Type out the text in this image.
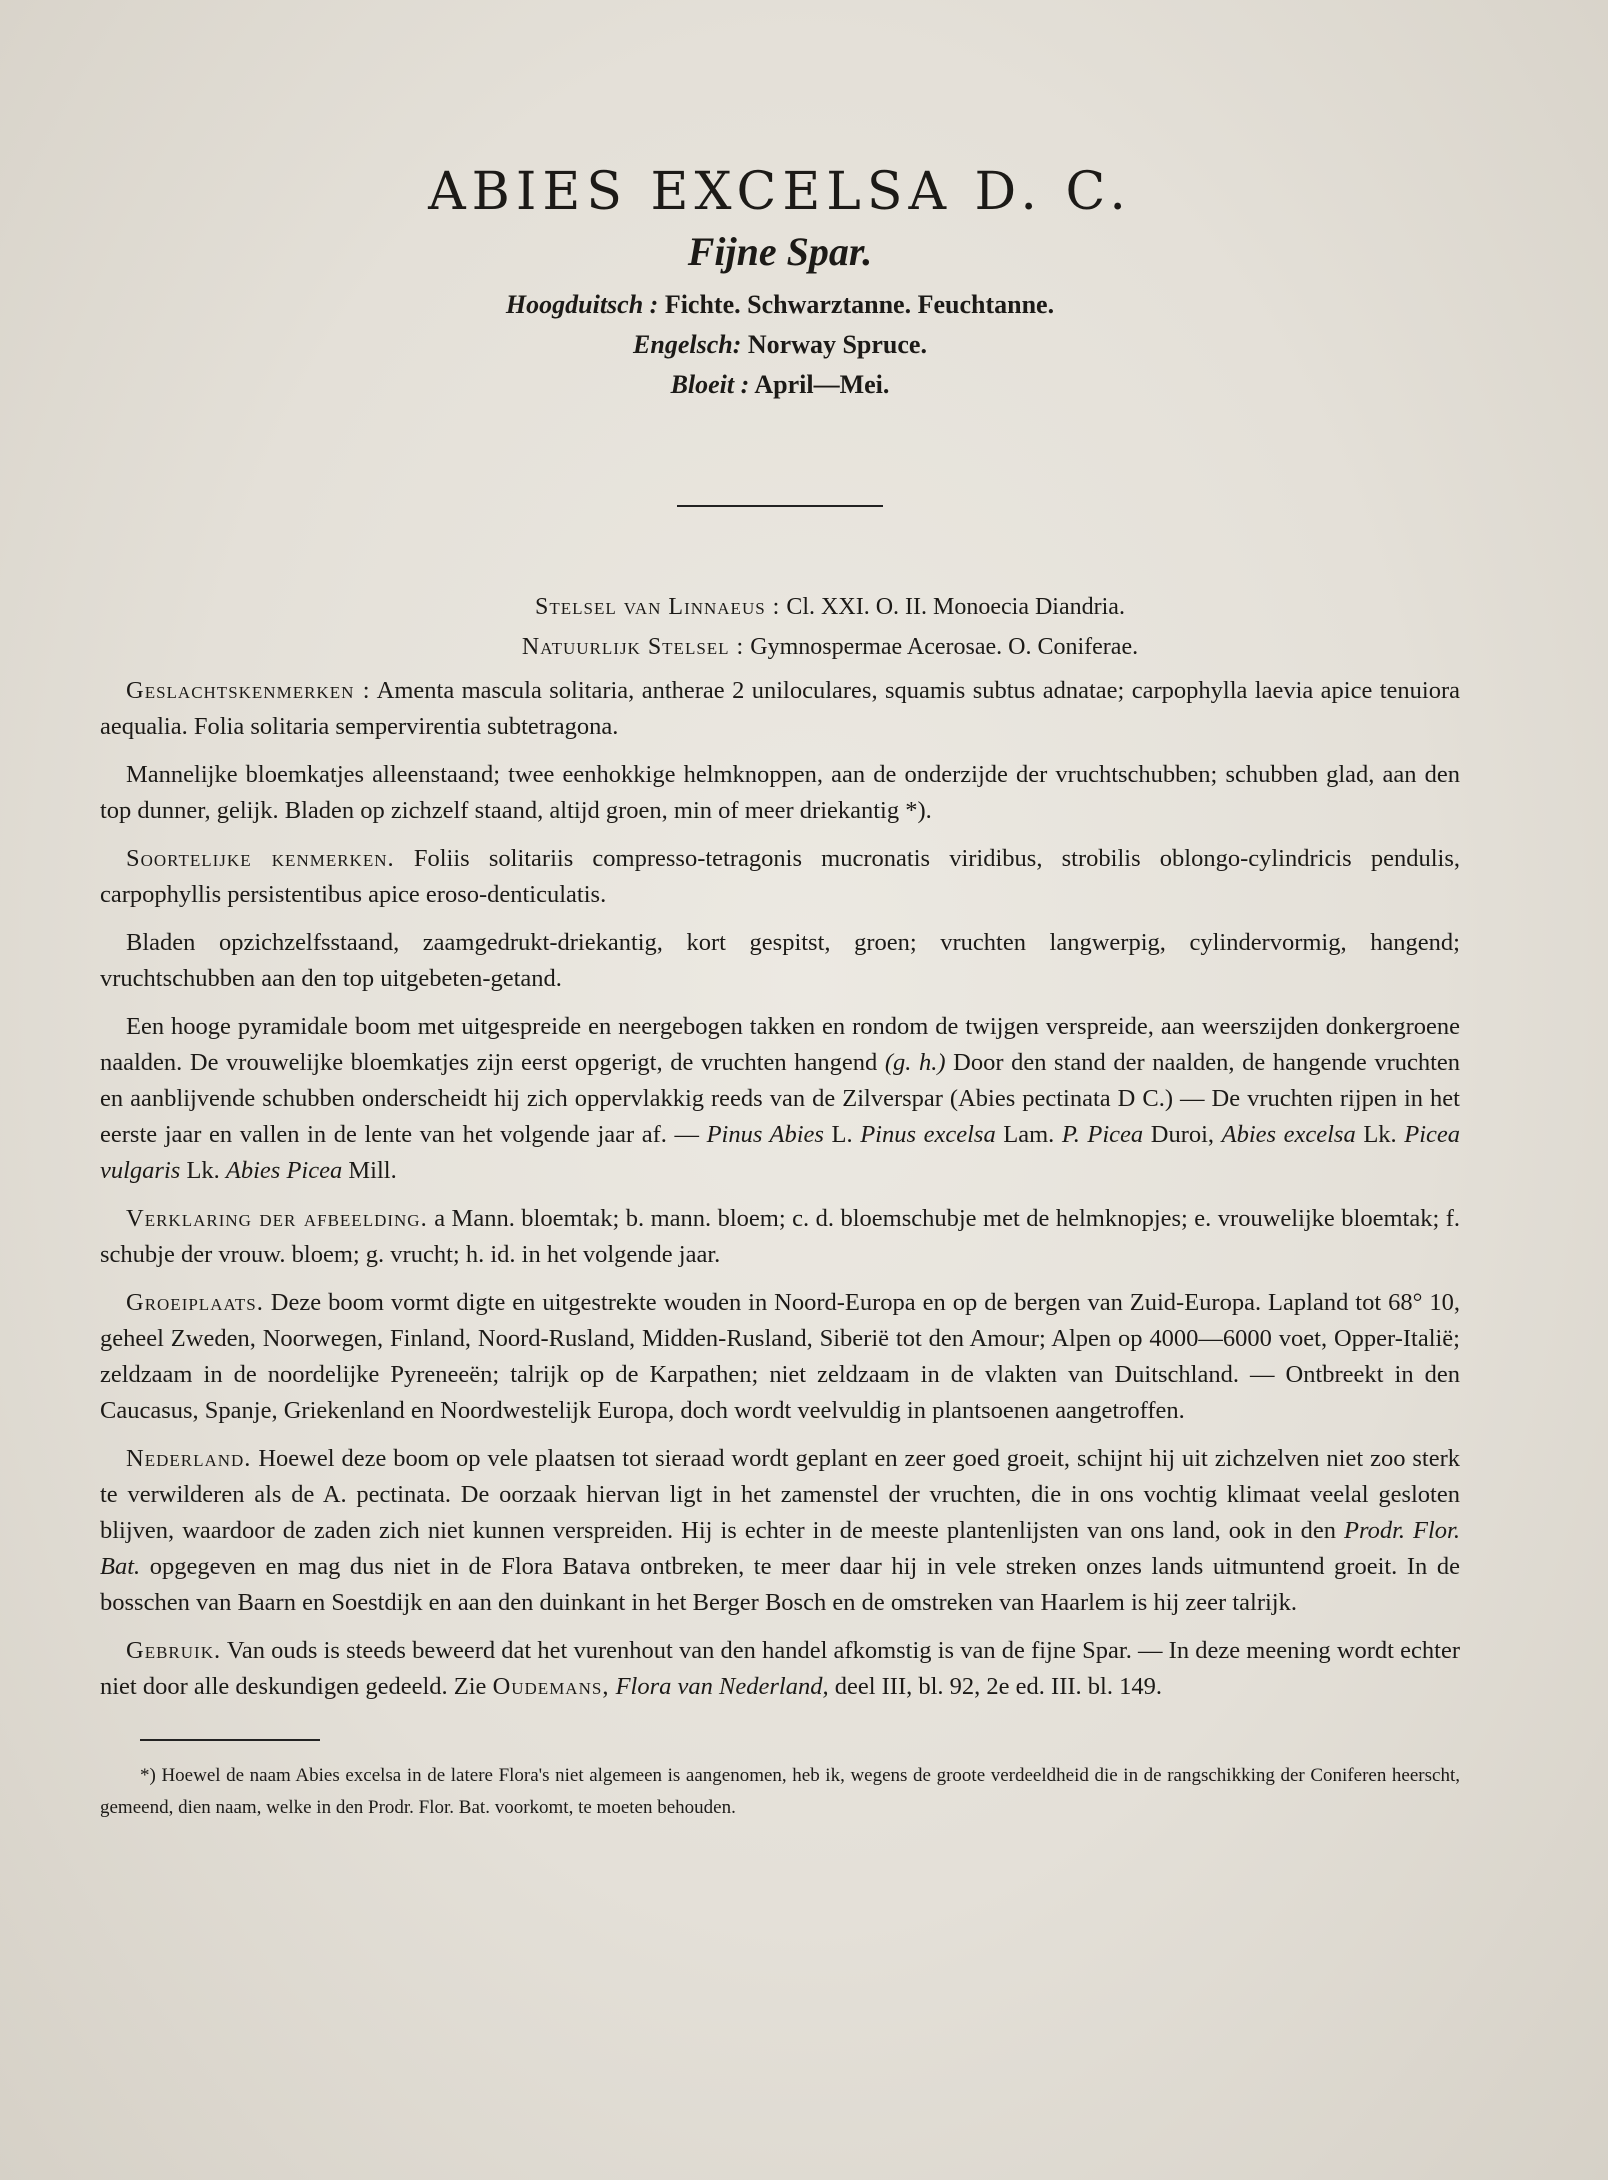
ABIES EXCELSA D. C.
Fijne Spar.
Hoogduitsch : Fichte. Schwarztanne. Feuchtanne.
Engelsch: Norway Spruce.
Bloeit : April—Mei.
Stelsel van Linnaeus : Cl. XXI. O. II. Monoecia Diandria.
Natuurlijk Stelsel : Gymnospermae Acerosae. O. Coniferae.

Geslachtskenmerken : Amenta mascula solitaria, antherae 2 uniloculares, squamis subtus adnatae; carpophylla laevia apice tenuiora aequalia. Folia solitaria sempervirentia subtetragona.

Mannelijke bloemkatjes alleenstaand; twee eenhokkige helmknoppen, aan de onderzijde der vruchtschubben; schubben glad, aan den top dunner, gelijk. Bladen op zichzelf staand, altijd groen, min of meer driekantig *).

Soortelijke kenmerken. Foliis solitariis compresso-tetragonis mucronatis viridibus, strobilis oblongo-cylindricis pendulis, carpophyllis persistentibus apice eroso-denticulatis.

Bladen opzichzelfsstaand, zaamgedrukt-driekantig, kort gespitst, groen; vruchten langwerpig, cylindervormig, hangend; vruchtschubben aan den top uitgebeten-getand.

Een hooge pyramidale boom met uitgespreide en neergebogen takken en rondom de twijgen verspreide, aan weerszijden donkergroene naalden. De vrouwelijke bloemkatjes zijn eerst opgerigt, de vruchten hangend (g. h.) Door den stand der naalden, de hangende vruchten en aanblijvende schubben onderscheidt hij zich oppervlakkig reeds van de Zilverspar (Abies pectinata D C.) — De vruchten rijpen in het eerste jaar en vallen in de lente van het volgende jaar af. — Pinus Abies L. Pinus excelsa Lam. P. Picea Duroi, Abies excelsa Lk. Picea vulgaris Lk. Abies Picea Mill.

Verklaring der afbeelding. a Mann. bloemtak; b. mann. bloem; c. d. bloemschubje met de helmknopjes; e. vrouwelijke bloemtak; f. schubje der vrouw. bloem; g. vrucht; h. id. in het volgende jaar.

Groeiplaats. Deze boom vormt digte en uitgestrekte wouden in Noord-Europa en op de bergen van Zuid-Europa. Lapland tot 68° 10, geheel Zweden, Noorwegen, Finland, Noord-Rusland, Midden-Rusland, Siberië tot den Amour; Alpen op 4000—6000 voet, Opper-Italië; zeldzaam in de noordelijke Pyreneeën; talrijk op de Karpathen; niet zeldzaam in de vlakten van Duitschland. — Ontbreekt in den Caucasus, Spanje, Griekenland en Noordwestelijk Europa, doch wordt veelvuldig in plantsoenen aangetroffen.

Nederland. Hoewel deze boom op vele plaatsen tot sieraad wordt geplant en zeer goed groeit, schijnt hij uit zichzelven niet zoo sterk te verwilderen als de A. pectinata. De oorzaak hiervan ligt in het zamenstel der vruchten, die in ons vochtig klimaat veelal gesloten blijven, waardoor de zaden zich niet kunnen verspreiden. Hij is echter in de meeste plantenlijsten van ons land, ook in den Prodr. Flor. Bat. opgegeven en mag dus niet in de Flora Batava ontbreken, te meer daar hij in vele streken onzes lands uitmuntend groeit. In de bosschen van Baarn en Soestdijk en aan den duinkant in het Berger Bosch en de omstreken van Haarlem is hij zeer talrijk.

Gebruik. Van ouds is steeds beweerd dat het vurenhout van den handel afkomstig is van de fijne Spar. — In deze meening wordt echter niet door alle deskundigen gedeeld. Zie Oudemans, Flora van Nederland, deel III, bl. 92, 2e ed. III. bl. 149.

*) Hoewel de naam Abies excelsa in de latere Flora's niet algemeen is aangenomen, heb ik, wegens de groote verdeeldheid die in de rangschikking der Coniferen heerscht, gemeend, dien naam, welke in den Prodr. Flor. Bat. voorkomt, te moeten behouden.
